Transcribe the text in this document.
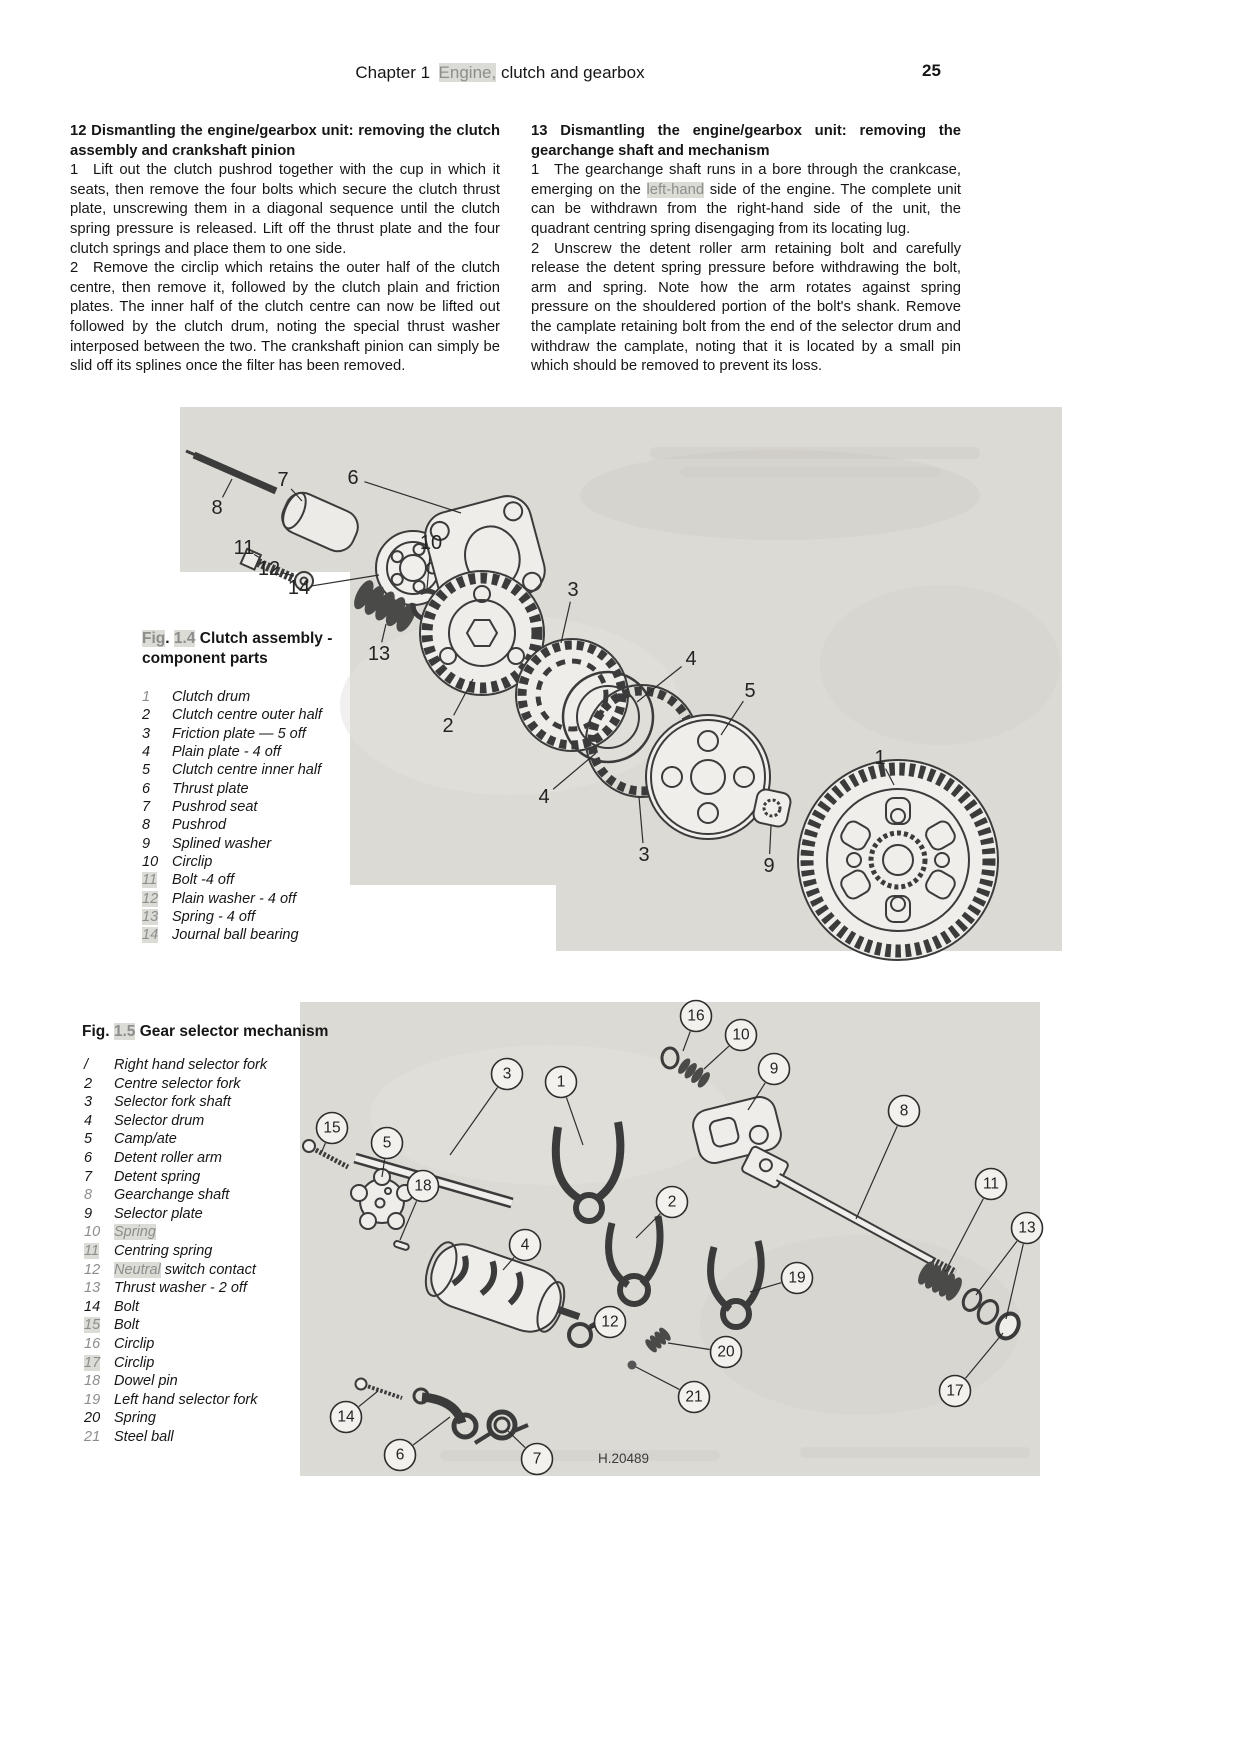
Chapter 1 Engine, clutch and gearbox	25

12 Dismantling the engine/gearbox unit: removing the clutch assembly and crankshaft pinion

1 Lift out the clutch pushrod together with the cup in which it seats, then remove the four bolts which secure the clutch thrust plate, unscrewing them in a diagonal sequence until the clutch spring pressure is released. Lift off the thrust plate and the four clutch springs and place them to one side.

2 Remove the circlip which retains the outer half of the clutch centre, then remove it, followed by the clutch plain and friction plates. The inner half of the clutch centre can now be lifted out followed by the clutch drum, noting the special thrust washer interposed between the two. The crankshaft pinion can simply be slid off its splines once the filter has been removed.

13 Dismantling the engine/gearbox unit: removing the gearchange shaft and mechanism

1 The gearchange shaft runs in a bore through the crankcase, emerging on the left-hand side of the engine. The complete unit can be withdrawn from the right-hand side of the unit, the quadrant centring spring disengaging from its locating lug.

2 Unscrew the detent roller arm retaining bolt and carefully release the detent spring pressure before withdrawing the bolt, arm and spring. Note how the arm rotates against spring pressure on the shouldered portion of the bolt's shank. Remove the camplate retaining bolt from the end of the selector drum and withdraw the camplate, noting that it is located by a small pin which should be removed to prevent its loss.

8
7	6
11
12
14
10
13
3
2
4
5
4
3	9
1
Fig. 1.4 Clutch assembly - component parts
1	Clutch drum
2	Clutch centre outer half
3	Friction plate — 5 off
4	Plain plate - 4 off
5	Clutch centre inner half
6	Thrust plate
7	Pushrod seat
8	Pushrod
9	Splined washer
10 Circlip
11	Bolt -4 off
12 Plain washer - 4 off
13 Spring - 4 off
14 Journal ball bearing
16
10
9
8
3	1
15
5
18
2
4
11
13
19
12
20
21
14
6	7
17
H.20489
Fig. 1.5 Gear selector mechanism
/	Right hand selector fork
2	Centre selector fork
3	Selector fork shaft
4	Selector drum
5	Camp/ate
6	Detent roller arm
7	Detent spring
8	Gearchange shaft
9	Selector plate
10 Spring
11	Centring spring
12 Neutral switch contact
13 Thrust washer - 2 off
14 Bolt
15 Bolt
16 Circlip
17 Circlip
18 Dowel pin
19 Left hand selector fork
20 Spring
21 Steel ball
